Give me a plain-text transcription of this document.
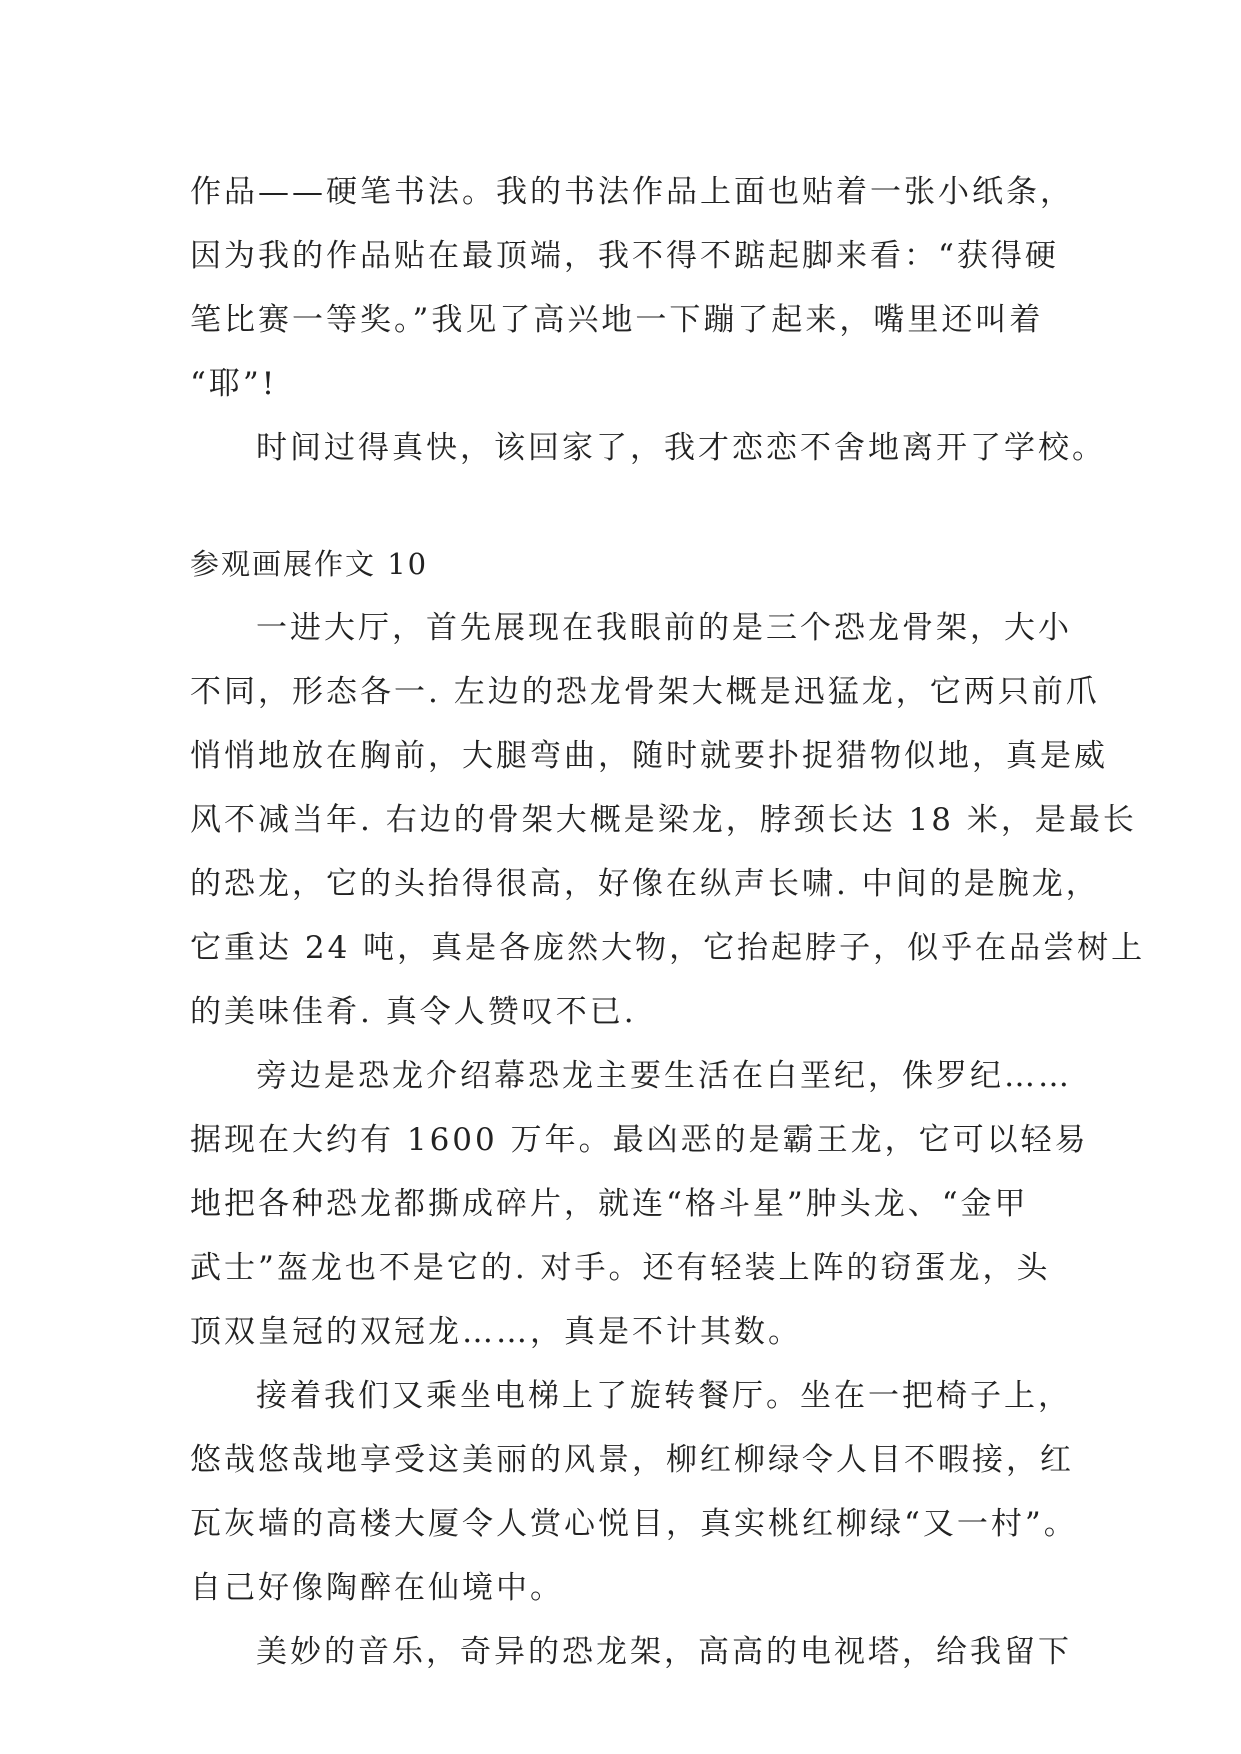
作品——硬笔书法。我的书法作品上面也贴着一张小纸条，
因为我的作品贴在最顶端，我不得不踮起脚来看：“获得硬
笔比赛一等奖。”我见了高兴地一下蹦了起来，嘴里还叫着
“耶”!
时间过得真快，该回家了，我才恋恋不舍地离开了学校。
参观画展作文 10
一进大厅，首先展现在我眼前的是三个恐龙骨架，大小
不同，形态各一. 左边的恐龙骨架大概是迅猛龙，它两只前爪
悄悄地放在胸前，大腿弯曲，随时就要扑捉猎物似地，真是威
风不减当年. 右边的骨架大概是梁龙，脖颈长达 18 米，是最长
的恐龙，它的头抬得很高，好像在纵声长啸. 中间的是腕龙，
它重达 24 吨，真是各庞然大物，它抬起脖子，似乎在品尝树上
的美味佳肴. 真令人赞叹不已.
旁边是恐龙介绍幕恐龙主要生活在白垩纪，侏罗纪……
据现在大约有 1600 万年。最凶恶的是霸王龙，它可以轻易
地把各种恐龙都撕成碎片，就连“格斗星”肿头龙、“金甲
武士”盔龙也不是它的. 对手。还有轻装上阵的窃蛋龙，头
顶双皇冠的双冠龙……，真是不计其数。
接着我们又乘坐电梯上了旋转餐厅。坐在一把椅子上，
悠哉悠哉地享受这美丽的风景，柳红柳绿令人目不暇接，红
瓦灰墙的高楼大厦令人赏心悦目，真实桃红柳绿“又一村”。
自己好像陶醉在仙境中。
美妙的音乐，奇异的恐龙架，高高的电视塔，给我留下
